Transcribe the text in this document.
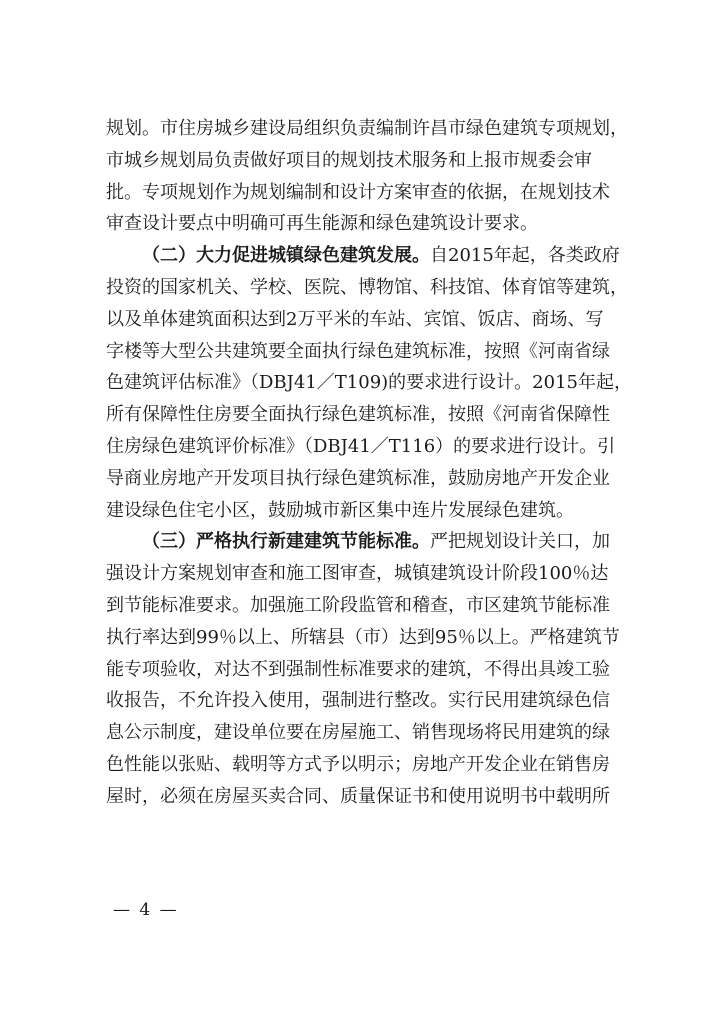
规划。市住房城乡建设局组织负责编制许昌市绿色建筑专项规划，
市城乡规划局负责做好项目的规划技术服务和上报市规委会审
批。专项规划作为规划编制和设计方案审查的依据，在规划技术
审查设计要点中明确可再生能源和绿色建筑设计要求。
（二）大力促进城镇绿色建筑发展。自2015年起，各类政府
投资的国家机关、学校、医院、博物馆、科技馆、体育馆等建筑，
以及单体建筑面积达到2万平米的车站、宾馆、饭店、商场、写
字楼等大型公共建筑要全面执行绿色建筑标准，按照《河南省绿
色建筑评估标准》（DBJ41／T109)的要求进行设计。2015年起，
所有保障性住房要全面执行绿色建筑标准，按照《河南省保障性
住房绿色建筑评价标准》（DBJ41／T116）的要求进行设计。引
导商业房地产开发项目执行绿色建筑标准，鼓励房地产开发企业
建设绿色住宅小区，鼓励城市新区集中连片发展绿色建筑。
（三）严格执行新建建筑节能标准。严把规划设计关口，加
强设计方案规划审查和施工图审查，城镇建筑设计阶段100％达
到节能标准要求。加强施工阶段监管和稽查，市区建筑节能标准
执行率达到99％以上、所辖县（市）达到95％以上。严格建筑节
能专项验收，对达不到强制性标准要求的建筑，不得出具竣工验
收报告，不允许投入使用，强制进行整改。实行民用建筑绿色信
息公示制度，建设单位要在房屋施工、销售现场将民用建筑的绿
色性能以张贴、载明等方式予以明示；房地产开发企业在销售房
屋时，必须在房屋买卖合同、质量保证书和使用说明书中载明所
— 4 —
